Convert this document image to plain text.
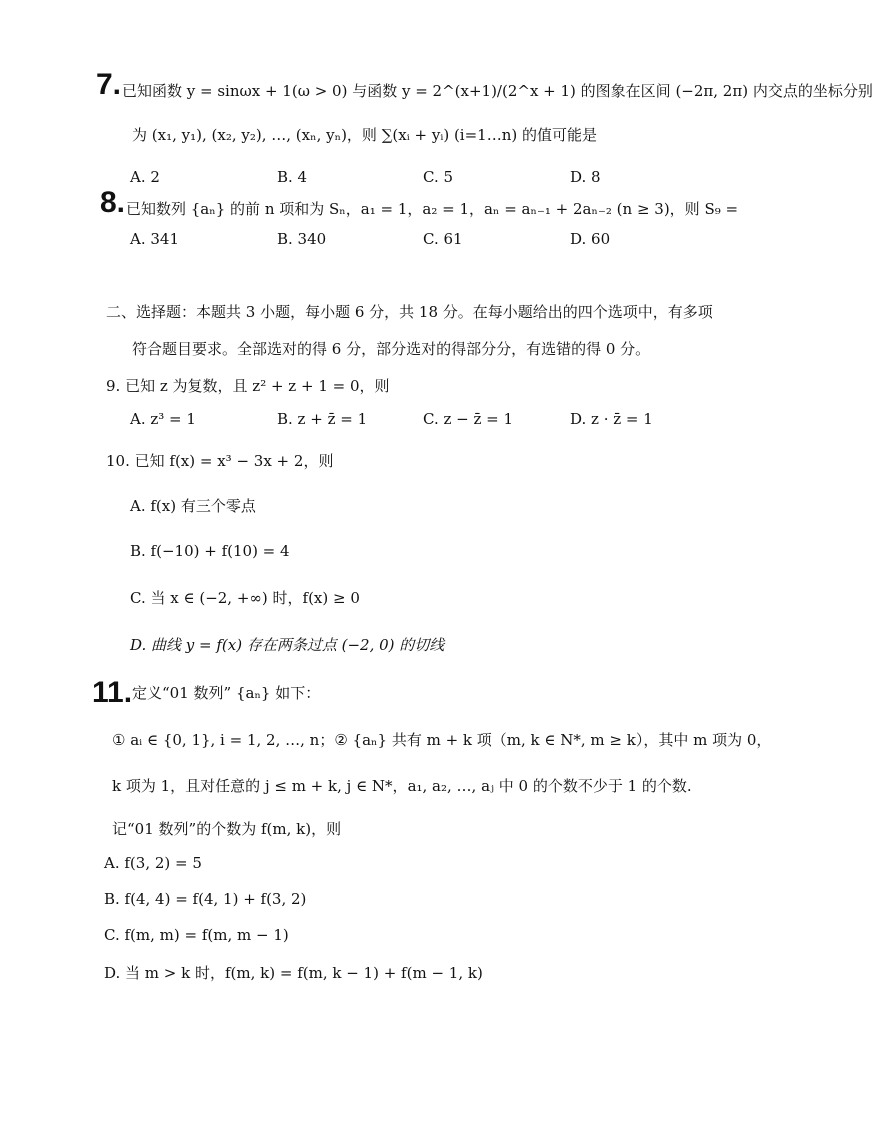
7. 已知函数 y = sinωx + 1(ω > 0) 与函数 y = 2^(x+1)/(2^x + 1) 的图象在区间 (−2π, 2π) 内交点的坐标分别
为 (x₁, y₁), (x₂, y₂), …, (xₙ, yₙ)，则 ∑(xᵢ + yᵢ) (i=1…n) 的值可能是
A. 2	B. 4	C. 5	D. 8
8. 已知数列 {aₙ} 的前 n 项和为 Sₙ，a₁ = 1，a₂ = 1，aₙ = aₙ₋₁ + 2aₙ₋₂ (n ≥ 3)，则 S₉ =
A. 341	B. 340	C. 61	D. 60
二、选择题：本题共 3 小题，每小题 6 分，共 18 分。在每小题给出的四个选项中，有多项
符合题目要求。全部选对的得 6 分，部分选对的得部分分，有选错的得 0 分。
9. 已知 z 为复数，且 z² + z + 1 = 0，则
A. z³ = 1	B. z + z̄ = 1	C. z − z̄ = 1	D. z · z̄ = 1
10. 已知 f(x) = x³ − 3x + 2，则
A. f(x) 有三个零点
B. f(−10) + f(10) = 4
C. 当 x ∈ (−2, +∞) 时，f(x) ≥ 0
D. 曲线 y = f(x) 存在两条过点 (−2, 0) 的切线
11. 定义“01 数列” {aₙ} 如下：
① aᵢ ∈ {0, 1}, i = 1, 2, …, n；② {aₙ} 共有 m + k 项（m, k ∈ N*, m ≥ k），其中 m 项为 0，
k 项为 1，且对任意的 j ≤ m + k, j ∈ N*，a₁, a₂, …, aⱼ 中 0 的个数不少于 1 的个数.
记“01 数列”的个数为 f(m, k)，则
A. f(3, 2) = 5
B. f(4, 4) = f(4, 1) + f(3, 2)
C. f(m, m) = f(m, m − 1)
D. 当 m > k 时，f(m, k) = f(m, k − 1) + f(m − 1, k)
